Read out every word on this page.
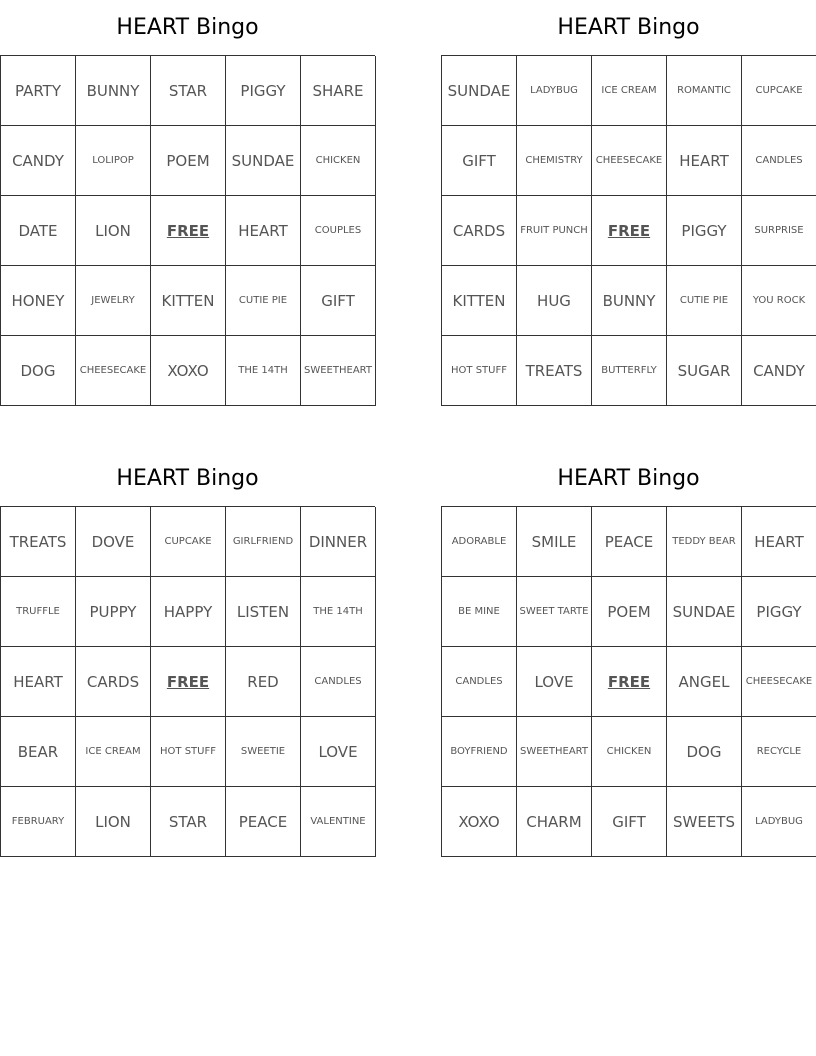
HEART Bingo
PARTY	BUNNY	STAR	PIGGY	SHARE
CANDY	LOLIPOP	POEM	SUNDAE	CHICKEN
DATE	LION	FREE	HEART	COUPLES
HONEY	JEWELRY	KITTEN	CUTIE PIE	GIFT
DOG	CHEESECAKE	XOXO	THE 14TH	SWEETHEART
HEART Bingo
SUNDAE	LADYBUG	ICE CREAM	ROMANTIC	CUPCAKE
GIFT	CHEMISTRY	CHEESECAKE	HEART	CANDLES
CARDS	FRUIT PUNCH	FREE	PIGGY	SURPRISE
KITTEN	HUG	BUNNY	CUTIE PIE	YOU ROCK
HOT STUFF	TREATS	BUTTERFLY	SUGAR	CANDY
HEART Bingo
TREATS	DOVE	CUPCAKE	GIRLFRIEND	DINNER
TRUFFLE	PUPPY	HAPPY	LISTEN	THE 14TH
HEART	CARDS	FREE	RED	CANDLES
BEAR	ICE CREAM	HOT STUFF	SWEETIE	LOVE
FEBRUARY	LION	STAR	PEACE	VALENTINE
HEART Bingo
ADORABLE	SMILE	PEACE	TEDDY BEAR	HEART
BE MINE	SWEET TARTE	POEM	SUNDAE	PIGGY
CANDLES	LOVE	FREE	ANGEL	CHEESECAKE
BOYFRIEND	SWEETHEART	CHICKEN	DOG	RECYCLE
XOXO	CHARM	GIFT	SWEETS	LADYBUG
